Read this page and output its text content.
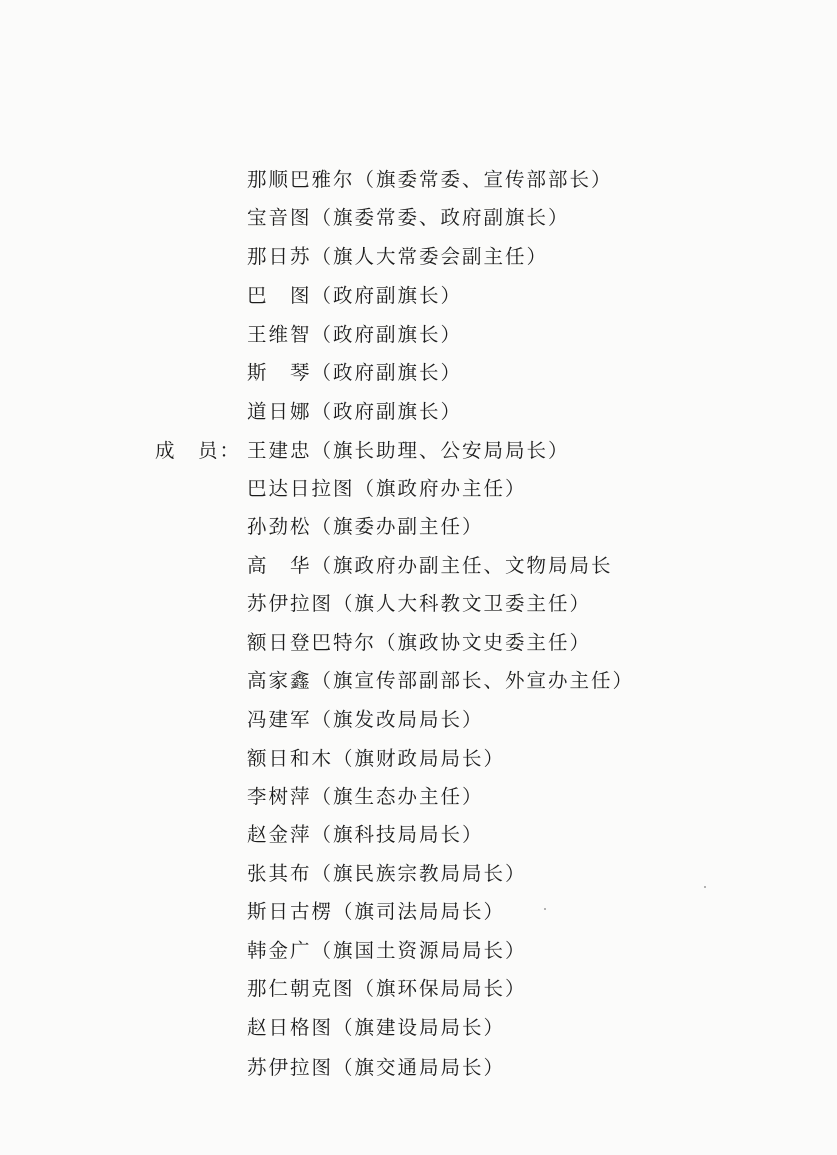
那顺巴雅尔（旗委常委、宣传部部长）
宝音图（旗委常委、政府副旗长）
那日苏（旗人大常委会副主任）
巴　图（政府副旗长）
王维智（政府副旗长）
斯　琴（政府副旗长）
道日娜（政府副旗长）
成　员： 王建忠（旗长助理、公安局局长）
巴达日拉图（旗政府办主任）
孙劲松（旗委办副主任）
高　华（旗政府办副主任、文物局局长
苏伊拉图（旗人大科教文卫委主任）
额日登巴特尔（旗政协文史委主任）
高家鑫（旗宣传部副部长、外宣办主任）
冯建军（旗发改局局长）
额日和木（旗财政局局长）
李树萍（旗生态办主任）
赵金萍（旗科技局局长）
张其布（旗民族宗教局局长）
斯日古楞（旗司法局局长）
韩金广（旗国土资源局局长）
那仁朝克图（旗环保局局长）
赵日格图（旗建设局局长）
苏伊拉图（旗交通局局长）
